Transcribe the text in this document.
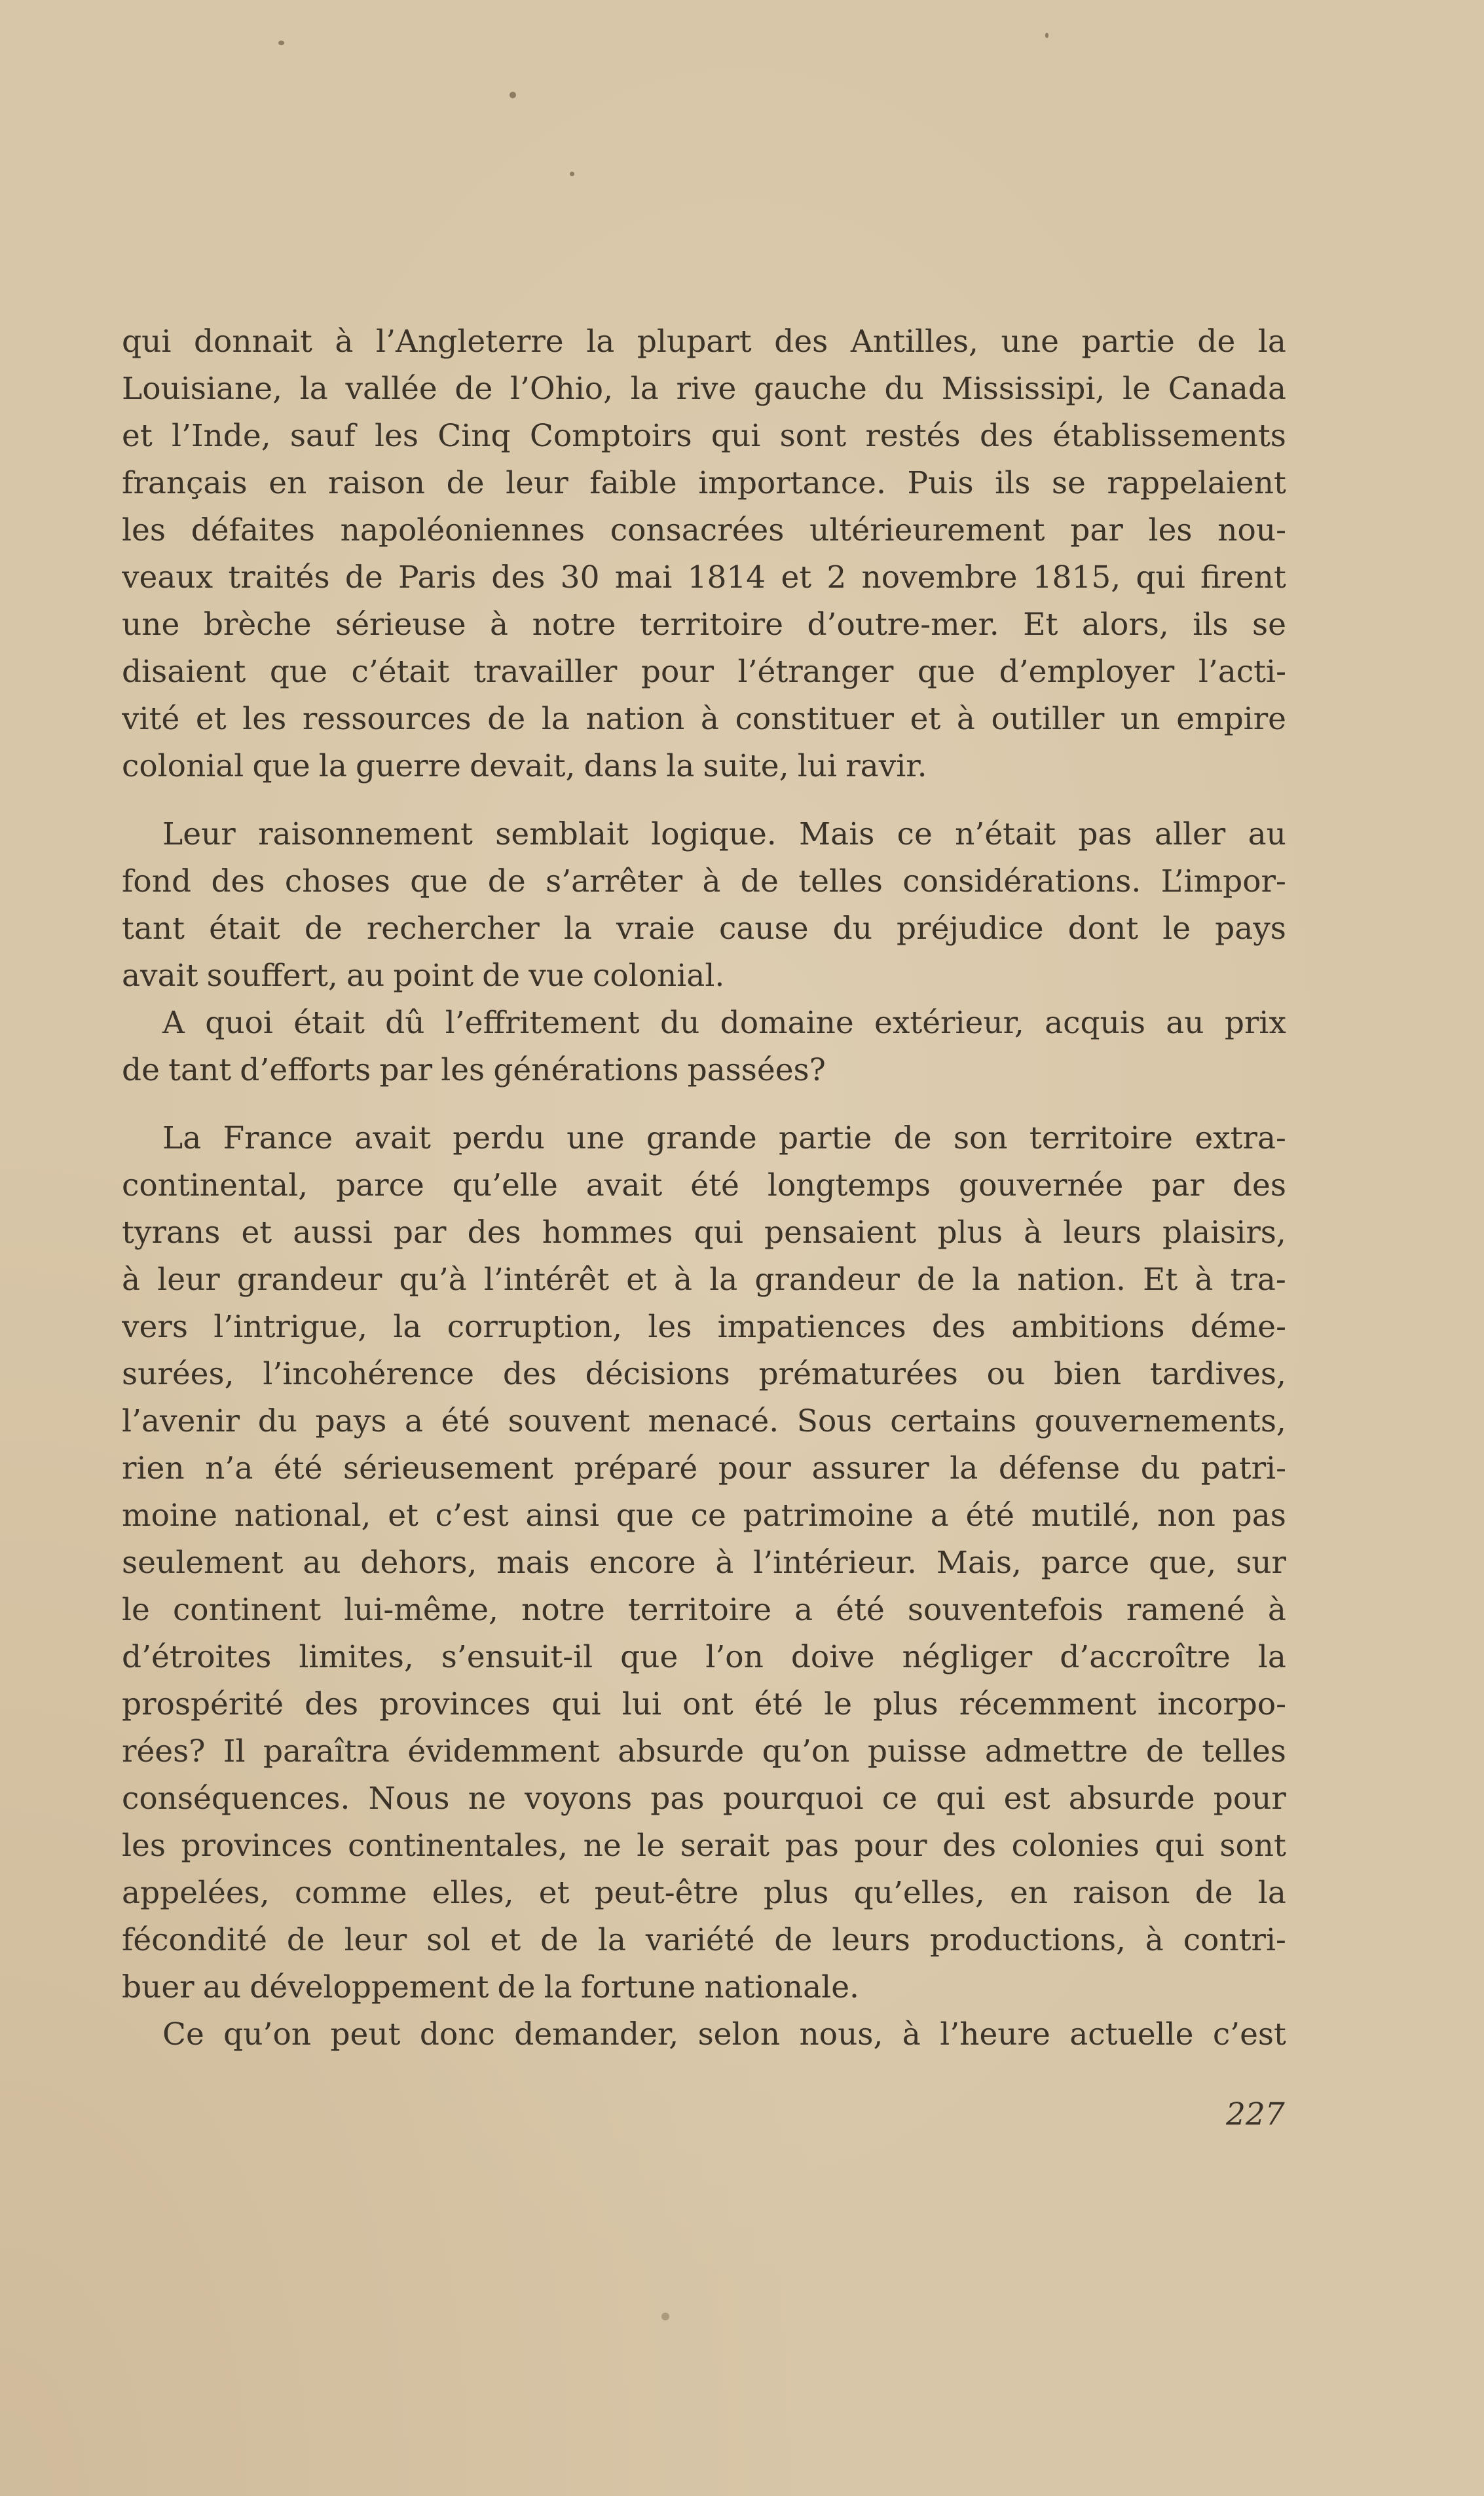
qui donnait à l’Angleterre la plupart des Antilles, une partie de la
Louisiane, la vallée de l’Ohio, la rive gauche du Mississipi, le Canada
et l’Inde, sauf les Cinq Comptoirs qui sont restés des établissements
français en raison de leur faible importance. Puis ils se rappelaient
les défaites napoléoniennes consacrées ultérieurement par les nou-
veaux traités de Paris des 30 mai 1814 et 2 novembre 1815, qui firent
une brèche sérieuse à notre territoire d’outre-mer. Et alors, ils se
disaient que c’était travailler pour l’étranger que d’employer l’acti-
vité et les ressources de la nation à constituer et à outiller un empire
colonial que la guerre devait, dans la suite, lui ravir.
Leur raisonnement semblait logique. Mais ce n’était pas aller au
fond des choses que de s’arrêter à de telles considérations. L’impor-
tant était de rechercher la vraie cause du préjudice dont le pays
avait souffert, au point de vue colonial.
A quoi était dû l’effritement du domaine extérieur, acquis au prix
de tant d’efforts par les générations passées?
La France avait perdu une grande partie de son territoire extra-
continental, parce qu’elle avait été longtemps gouvernée par des
tyrans et aussi par des hommes qui pensaient plus à leurs plaisirs,
à leur grandeur qu’à l’intérêt et à la grandeur de la nation. Et à tra-
vers l’intrigue, la corruption, les impatiences des ambitions déme-
surées, l’incohérence des décisions prématurées ou bien tardives,
l’avenir du pays a été souvent menacé. Sous certains gouvernements,
rien n’a été sérieusement préparé pour assurer la défense du patri-
moine national, et c’est ainsi que ce patrimoine a été mutilé, non pas
seulement au dehors, mais encore à l’intérieur. Mais, parce que, sur
le continent lui-même, notre territoire a été souventefois ramené à
d’étroites limites, s’ensuit-il que l’on doive négliger d’accroître la
prospérité des provinces qui lui ont été le plus récemment incorpo-
rées? Il paraîtra évidemment absurde qu’on puisse admettre de telles
conséquences. Nous ne voyons pas pourquoi ce qui est absurde pour
les provinces continentales, ne le serait pas pour des colonies qui sont
appelées, comme elles, et peut-être plus qu’elles, en raison de la
fécondité de leur sol et de la variété de leurs productions, à contri-
buer au développement de la fortune nationale.
Ce qu’on peut donc demander, selon nous, à l’heure actuelle c’est
227
